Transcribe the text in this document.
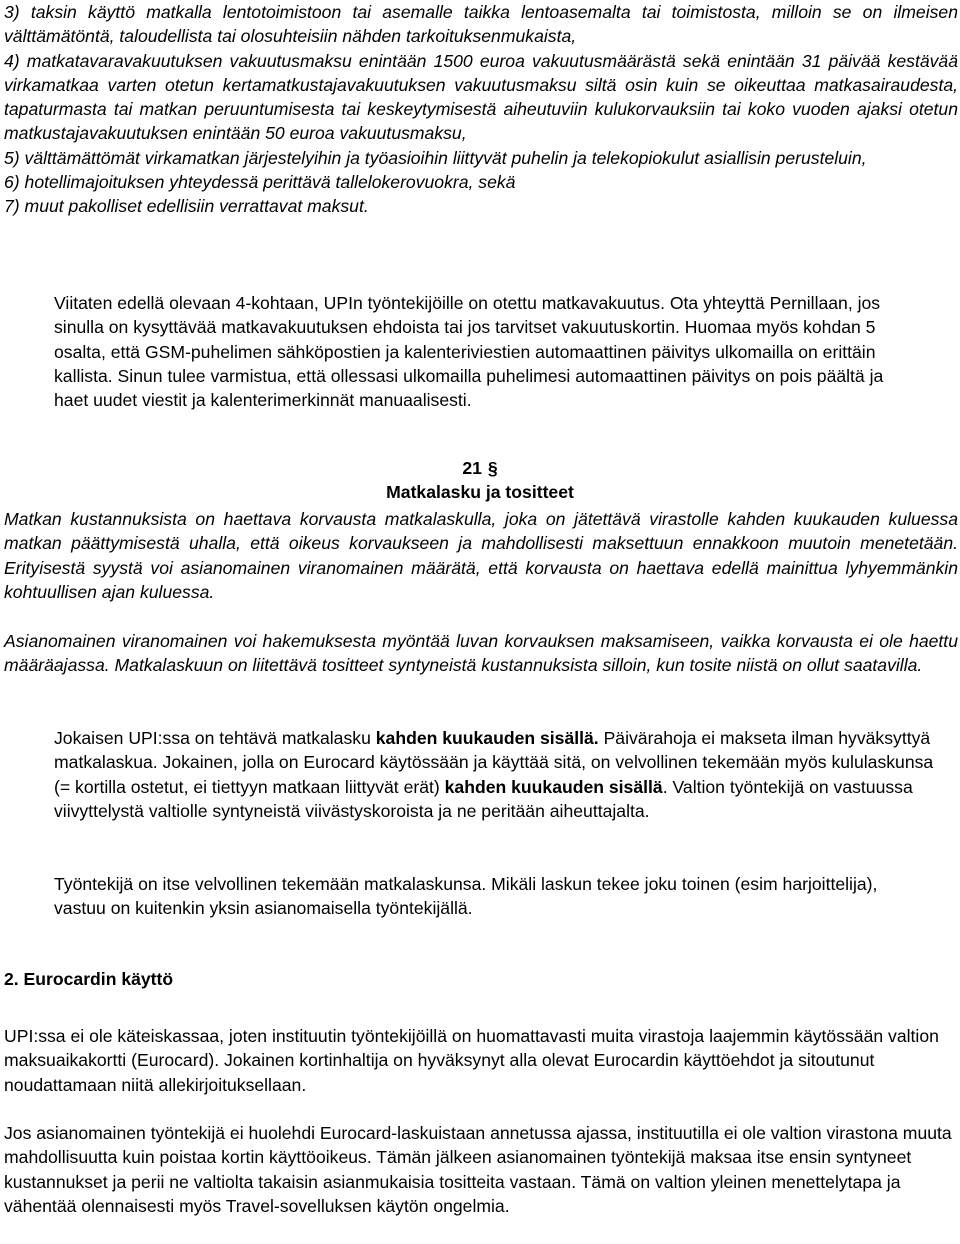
3) taksin käyttö matkalla lentotoimistoon tai asemalle taikka lentoasemalta tai toimistosta, milloin se on ilmeisen välttämätöntä, taloudellista tai olosuhteisiin nähden tarkoituksenmukaista,

4) matkatavaravakuutuksen vakuutusmaksu enintään 1500 euroa vakuutusmäärästä sekä enintään 31 päivää kestävää virkamatkaa varten otetun kertamatkustajavakuutuksen vakuutusmaksu siltä osin kuin se oikeuttaa matkasairaudesta, tapaturmasta tai matkan peruuntumisesta tai keskeytymisestä aiheutuviin kulukorvauksiin tai koko vuoden ajaksi otetun matkustajavakuutuksen enintään 50 euroa vakuutusmaksu,

5) välttämättömät virkamatkan järjestelyihin ja työasioihin liittyvät puhelin ja telekopiokulut asiallisin perusteluin,

6) hotellimajoituksen yhteydessä perittävä tallelokerovuokra, sekä

7) muut pakolliset edellisiin verrattavat maksut.

Viitaten edellä olevaan 4-kohtaan, UPIn työntekijöille on otettu matkavakuutus. Ota yhteyttä Pernillaan, jos sinulla on kysyttävää matkavakuutuksen ehdoista tai jos tarvitset vakuutuskortin. Huomaa myös kohdan 5 osalta, että GSM-puhelimen sähköpostien ja kalenteriviestien automaattinen päivitys ulkomailla on erittäin kallista. Sinun tulee varmistua, että ollessasi ulkomailla puhelimesi automaattinen päivitys on pois päältä ja haet uudet viestit ja kalenterimerkinnät manuaalisesti.

21 §
Matkalasku ja tositteet

Matkan kustannuksista on haettava korvausta matkalaskulla, joka on jätettävä virastolle kahden kuukauden kuluessa matkan päättymisestä uhalla, että oikeus korvaukseen ja mahdollisesti maksettuun ennakkoon muutoin menetetään. Erityisestä syystä voi asianomainen viranomainen määrätä, että korvausta on haettava edellä mainittua lyhyemmänkin kohtuullisen ajan kuluessa.

Asianomainen viranomainen voi hakemuksesta myöntää luvan korvauksen maksamiseen, vaikka korvausta ei ole haettu määräajassa. Matkalaskuun on liitettävä tositteet syntyneistä kustannuksista silloin, kun tosite niistä on ollut saatavilla.

Jokaisen UPI:ssa on tehtävä matkalasku kahden kuukauden sisällä. Päivärahoja ei makseta ilman hyväksyttyä matkalaskua. Jokainen, jolla on Eurocard käytössään ja käyttää sitä, on velvollinen tekemään myös kululaskunsa (= kortilla ostetut, ei tiettyyn matkaan liittyvät erät) kahden kuukauden sisällä. Valtion työntekijä on vastuussa viivyttelystä valtiolle syntyneistä viivästyskoroista ja ne peritään aiheuttajalta.

Työntekijä on itse velvollinen tekemään matkalaskunsa. Mikäli laskun tekee joku toinen (esim harjoittelija), vastuu on kuitenkin yksin asianomaisella työntekijällä.

2. Eurocardin käyttö

UPI:ssa ei ole käteiskassaa, joten instituutin työntekijöillä on huomattavasti muita virastoja laajemmin käytössään valtion maksuaikakortti (Eurocard). Jokainen kortinhaltija on hyväksynyt alla olevat Eurocardin käyttöehdot ja sitoutunut noudattamaan niitä allekirjoituksellaan.

Jos asianomainen työntekijä ei huolehdi Eurocard-laskuistaan annetussa ajassa, instituutilla ei ole valtion virastona muuta mahdollisuutta kuin poistaa kortin käyttöoikeus. Tämän jälkeen asianomainen työntekijä maksaa itse ensin syntyneet kustannukset ja perii ne valtiolta takaisin asianmukaisia tositteita vastaan. Tämä on valtion yleinen menettelytapa ja vähentää olennaisesti myös Travel-sovelluksen käytön ongelmia.
